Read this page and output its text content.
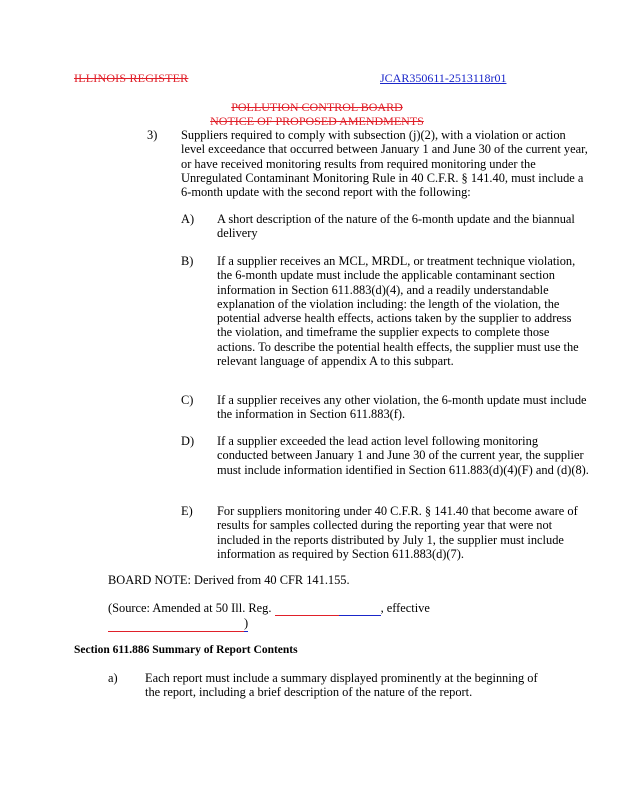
ILLINOIS REGISTER	JCAR350611-2513118r01
POLLUTION CONTROL BOARD
NOTICE OF PROPOSED AMENDMENTS
3) Suppliers required to comply with subsection (j)(2), with a violation or action level exceedance that occurred between January 1 and June 30 of the current year, or have received monitoring results from required monitoring under the Unregulated Contaminant Monitoring Rule in 40 C.F.R. § 141.40, must include a 6-month update with the second report with the following:
A) A short description of the nature of the 6-month update and the biannual delivery
B) If a supplier receives an MCL, MRDL, or treatment technique violation, the 6-month update must include the applicable contaminant section information in Section 611.883(d)(4), and a readily understandable explanation of the violation including: the length of the violation, the potential adverse health effects, actions taken by the supplier to address the violation, and timeframe the supplier expects to complete those actions. To describe the potential health effects, the supplier must use the relevant language of appendix A to this subpart.
C) If a supplier receives any other violation, the 6-month update must include the information in Section 611.883(f).
D) If a supplier exceeded the lead action level following monitoring conducted between January 1 and June 30 of the current year, the supplier must include information identified in Section 611.883(d)(4)(F) and (d)(8).
E) For suppliers monitoring under 40 C.F.R. § 141.40 that become aware of results for samples collected during the reporting year that were not included in the reports distributed by July 1, the supplier must include information as required by Section 611.883(d)(7).
BOARD NOTE: Derived from 40 CFR 141.155.
(Source: Amended at 50 Ill. Reg.	, effective
)
Section 611.886 Summary of Report Contents
a) Each report must include a summary displayed prominently at the beginning of the report, including a brief description of the nature of the report.
